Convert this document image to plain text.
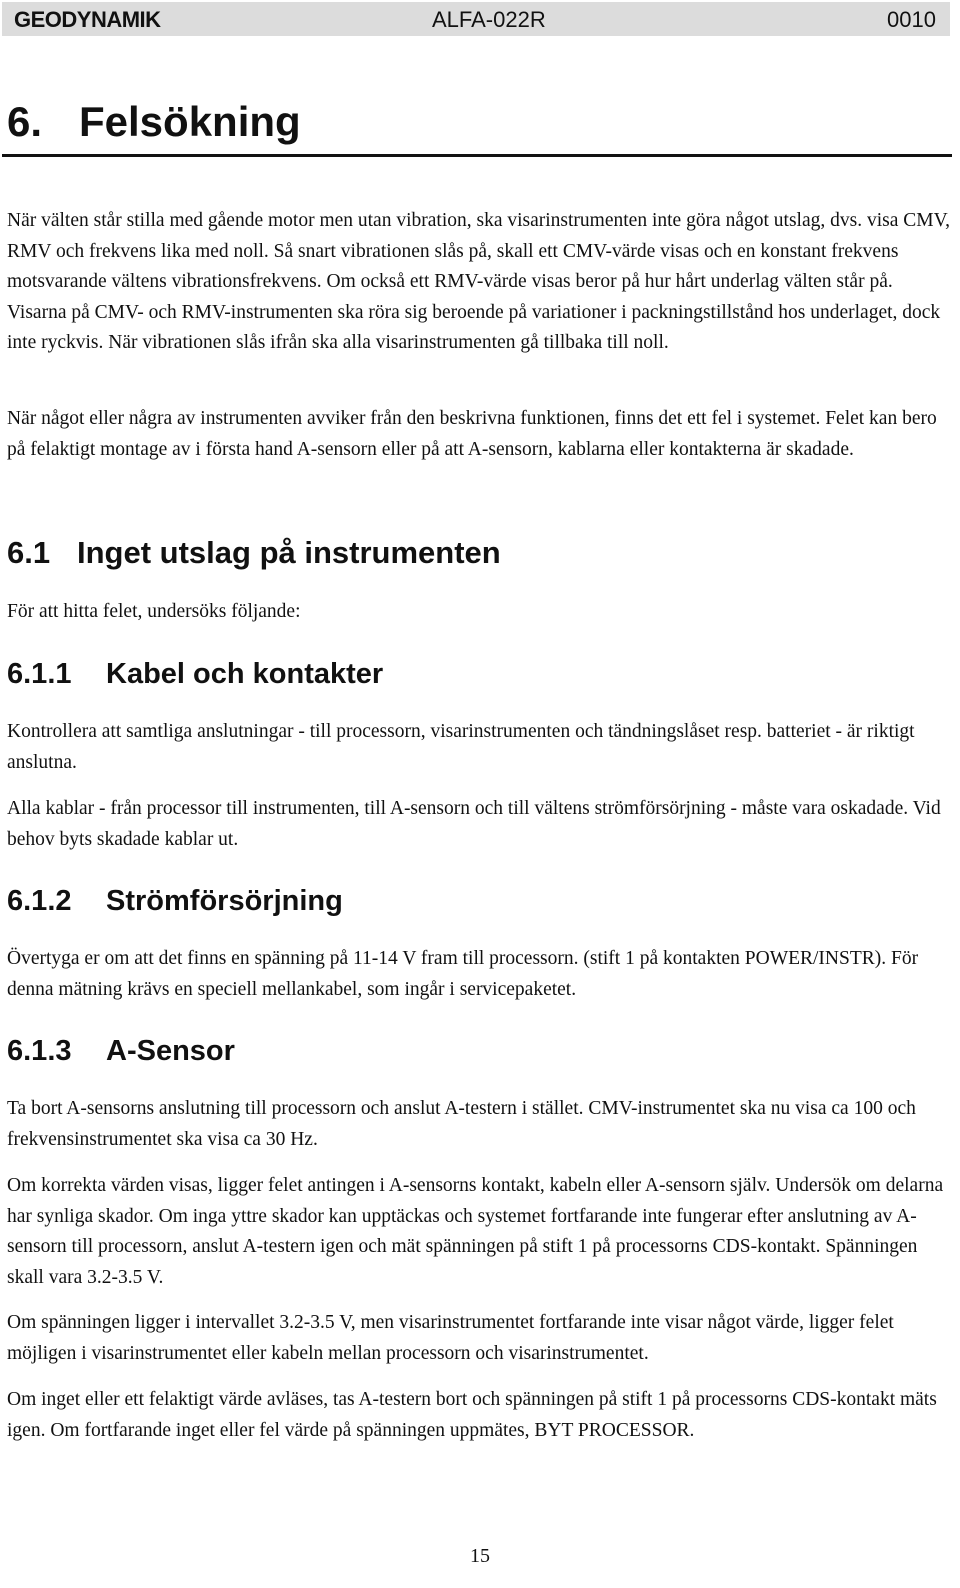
GEODYNAMIK	ALFA-022R	0010
6. Felsökning

När välten står stilla med gående motor men utan vibration, ska visarinstrumenten inte göra något utslag, dvs. visa CMV, RMV och frekvens lika med noll. Så snart vibrationen slås på, skall ett CMV-värde visas och en konstant frekvens motsvarande vältens vibrationsfrekvens. Om också ett RMV-värde visas beror på hur hårt underlag välten står på. Visarna på CMV- och RMV-instrumenten ska röra sig beroende på variationer i packningstillstånd hos underlaget, dock inte ryckvis. När vibrationen slås ifrån ska alla visarinstrumenten gå tillbaka till noll.

När något eller några av instrumenten avviker från den beskrivna funktionen, finns det ett fel i systemet. Felet kan bero på felaktigt montage av i första hand A-sensorn eller på att A-sensorn, kablarna eller kontakterna är skadade.

6.1 Inget utslag på instrumenten

För att hitta felet, undersöks följande:

6.1.1 Kabel och kontakter

Kontrollera att samtliga anslutningar - till processorn, visarinstrumenten och tändningslåset resp. batteriet - är riktigt anslutna.

Alla kablar - från processor till instrumenten, till A-sensorn och till vältens strömförsörjning - måste vara oskadade. Vid behov byts skadade kablar ut.

6.1.2 Strömförsörjning

Övertyga er om att det finns en spänning på 11-14 V fram till processorn. (stift 1 på kontakten POWER/INSTR). För denna mätning krävs en speciell mellankabel, som ingår i servicepaketet.

6.1.3 A-Sensor

Ta bort A-sensorns anslutning till processorn och anslut A-testern i stället. CMV-instrumentet ska nu visa ca 100 och frekvensinstrumentet ska visa ca 30 Hz.

Om korrekta värden visas, ligger felet antingen i A-sensorns kontakt, kabeln eller A-sensorn själv. Undersök om delarna har synliga skador. Om inga yttre skador kan upptäckas och systemet fortfarande inte fungerar efter anslutning av A-sensorn till processorn, anslut A-testern igen och mät spänningen på stift 1 på processorns CDS-kontakt. Spänningen skall vara 3.2-3.5 V.

Om spänningen ligger i intervallet 3.2-3.5 V, men visarinstrumentet fortfarande inte visar något värde, ligger felet möjligen i visarinstrumentet eller kabeln mellan processorn och visarinstrumentet.

Om inget eller ett felaktigt värde avläses, tas A-testern bort och spänningen på stift 1 på processorns CDS-kontakt mäts igen. Om fortfarande inget eller fel värde på spänningen uppmätes, BYT PROCESSOR.

15
